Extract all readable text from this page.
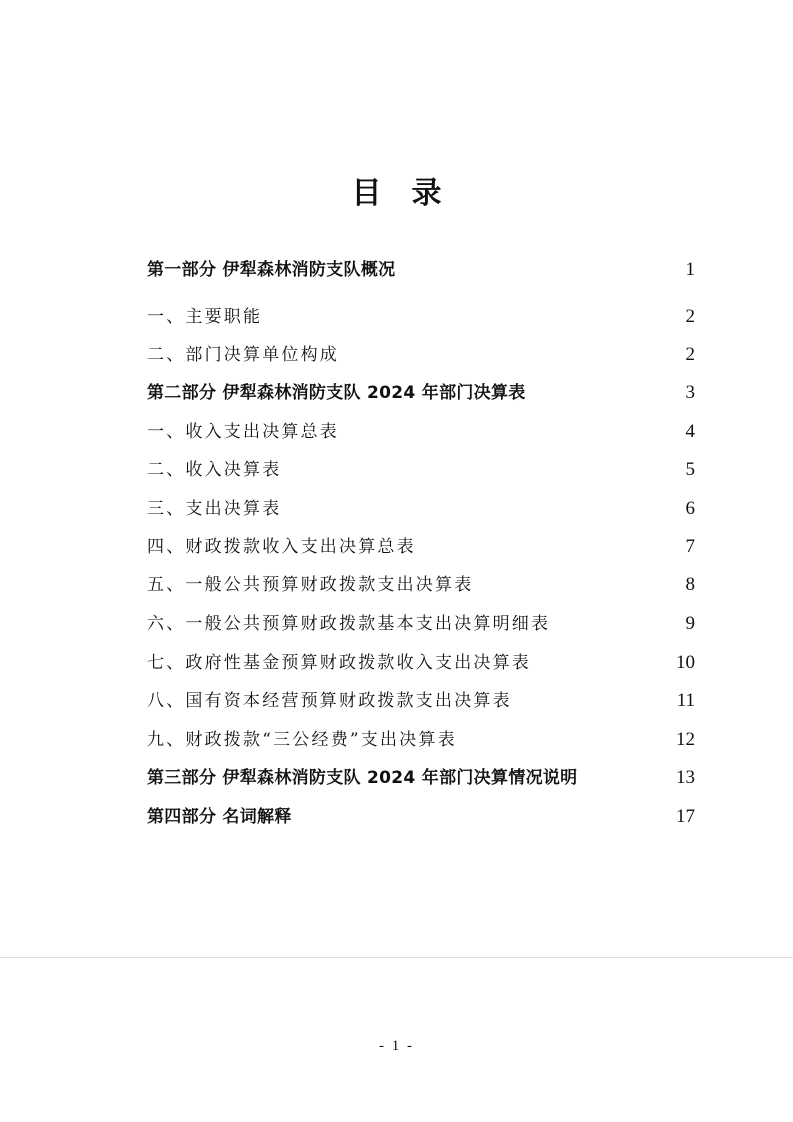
目录
第一部分 伊犁森林消防支队概况	1
一、主要职能	2
二、部门决算单位构成	2
第二部分 伊犁森林消防支队 2024 年部门决算表	3
一、收入支出决算总表	4
二、收入决算表	5
三、支出决算表	6
四、财政拨款收入支出决算总表	7
五、一般公共预算财政拨款支出决算表	8
六、一般公共预算财政拨款基本支出决算明细表	9
七、政府性基金预算财政拨款收入支出决算表	10
八、国有资本经营预算财政拨款支出决算表	11
九、财政拨款“三公经费”支出决算表	12
第三部分 伊犁森林消防支队 2024 年部门决算情况说明	13
第四部分 名词解释	17
- 1 -
